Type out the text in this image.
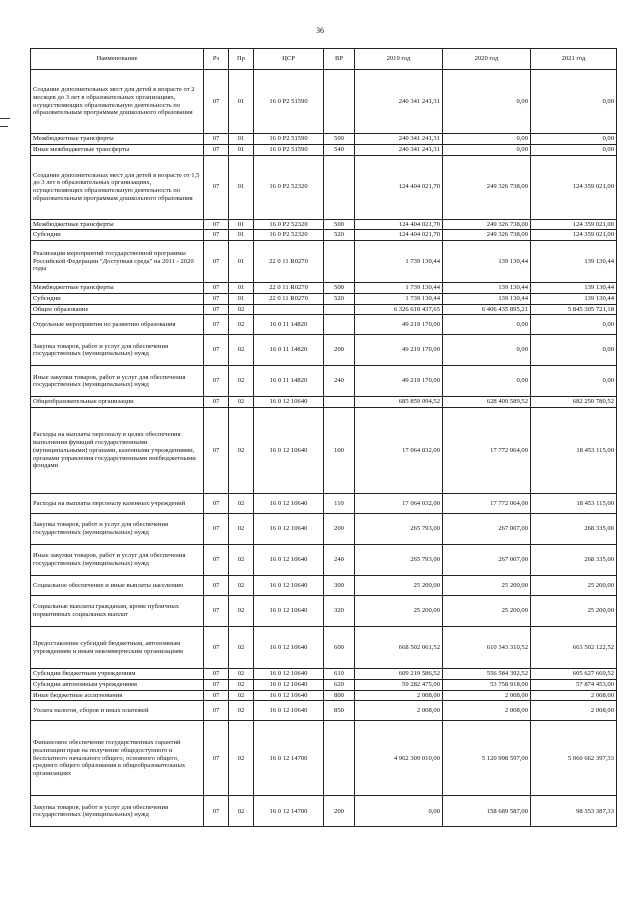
36
Наименование	Рз	Пр	ЦСР	ВР	2019 год	2020 год	2021 год
Создание дополнительных мест для детей в возрасте от 2 месяцев до 3 лет в образовательных организациях, осуществляющих образовательную деятельность по образовательным программам дошкольного образования	07	01	16 0 P2 51590		240 341 241,31	0,00	0,00
Межбюджетные трансферты	07	01	16 0 P2 51590	500	240 341 241,31	0,00	0,00
Иные межбюджетные трансферты	07	01	16 0 P2 51590	540	240 341 241,31	0,00	0,00
Создание дополнительных мест для детей в возрасте от 1,5 до 3 лет в образовательных организациях, осуществляющих образовательную деятельность по образовательным программам дошкольного образования	07	01	16 0 P2 52320		124 404 021,70	249 326 738,00	124 359 021,00
Межбюджетные трансферты	07	01	16 0 P2 52320	500	124 404 021,70	249 326 738,00	124 359 021,00
Субсидии	07	01	16 0 P2 52320	520	124 404 021,70	249 326 738,00	124 359 021,00
Реализация мероприятий государственной программы Российской Федерации "Доступная среда" на 2011 - 2020 годы	07	01	22 0 11 R0270		1 739 130,44	139 130,44	139 130,44
Межбюджетные трансферты	07	01	22 0 11 R0270	500	1 739 130,44	139 130,44	139 130,44
Субсидии	07	01	22 0 11 R0270	520	1 739 130,44	139 130,44	139 130,44
Общее образование	07	02			6 326 618 437,65	6 406 435 895,21	5 845 305 721,18
Отдельные мероприятия по развитию образования	07	02	16 0 11 14820		49 219 170,00	0,00	0,00
Закупка товаров, работ и услуг для обеспечения государственных (муниципальных) нужд	07	02	16 0 11 14820	200	49 219 170,00	0,00	0,00
Иные закупки товаров, работ и услуг для обеспечения государственных (муниципальных) нужд	07	02	16 0 11 14820	240	49 219 170,00	0,00	0,00
Общеобразовательные организации	07	02	16 0 12 10640		685 859 094,52	628 409 589,52	682 250 780,52
Расходы на выплаты персоналу в целях обеспечения выполнения функций государственными (муниципальными) органами, казенными учреждениями, органами управления государственными внебюджетными фондами	07	02	16 0 12 10640	100	17 064 032,00	17 772 064,00	18 453 115,00
Расходы на выплаты персоналу казенных учреждений	07	02	16 0 12 10640	110	17 064 032,00	17 772 064,00	18 453 115,00
Закупка товаров, работ и услуг для обеспечения государственных (муниципальных) нужд	07	02	16 0 12 10640	200	265 793,00	267 007,00	268 335,00
Иные закупки товаров, работ и услуг для обеспечения государственных (муниципальных) нужд	07	02	16 0 12 10640	240	265 793,00	267 007,00	268 335,00
Социальное обеспечение и иные выплаты населению	07	02	16 0 12 10640	300	25 200,00	25 200,00	25 200,00
Социальные выплаты гражданам, кроме публичных нормативных социальных выплат	07	02	16 0 12 10640	320	25 200,00	25 200,00	25 200,00
Предоставление субсидий бюджетным, автономным учреждениям и иным некоммерческим организациям	07	02	16 0 12 10640	600	668 502 061,52	610 343 310,52	663 502 122,52
Субсидии бюджетным учреждениям	07	02	16 0 12 10640	610	609 219 586,52	556 584 392,52	605 627 669,52
Субсидии автономным учреждениям	07	02	16 0 12 10640	620	59 282 475,00	53 758 918,00	57 874 453,00
Иные бюджетные ассигнования	07	02	16 0 12 10640	800	2 008,00	2 008,00	2 008,00
Уплата налогов, сборов и иных платежей	07	02	16 0 12 10640	850	2 008,00	2 008,00	2 008,00
Финансовое обеспечение государственных гарантий реализации прав на получение общедоступного и бесплатного начального общего, основного общего, среднего общего образования в общеобразовательных организациях	07	02	16 0 12 14700		4 962 309 010,00	5 120 998 597,00	5 060 662 397,33
Закупка товаров, работ и услуг для обеспечения государственных (муниципальных) нужд	07	02	16 0 12 14700	200	0,00	158 689 587,00	98 353 387,33
